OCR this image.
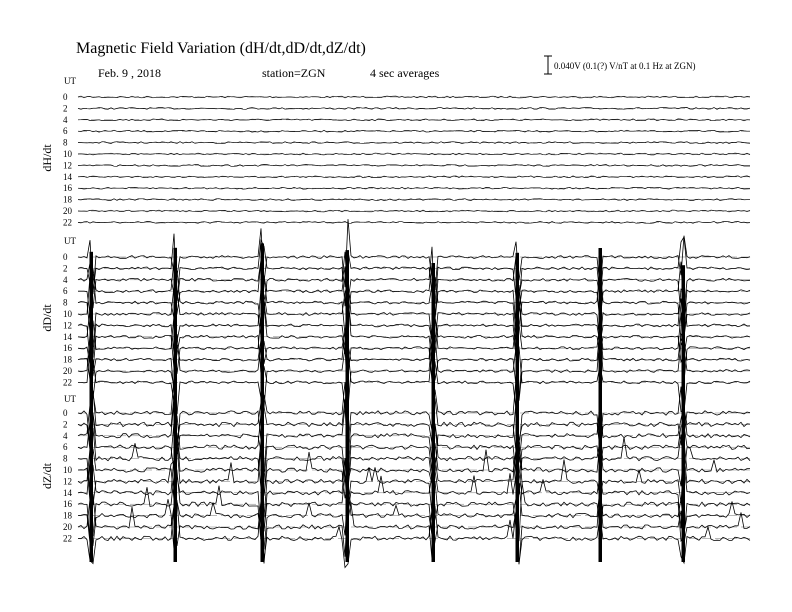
Magnetic Field Variation (dH/dt,dD/dt,dZ/dt)
Feb. 9 , 2018	station=ZGN	4 sec averages	0.040V (0.1(?) V/nT at 0.1 Hz at ZGN)
UT
dH/dt
0
2
4
6
8
10
12
14
16
18
20
22
UT
dD/dt
0
2
4
6
8
10
12
14
16
18
20
22
UT
dZ/dt
0
2
4
6
8
10
12
14
16
18
20
22
